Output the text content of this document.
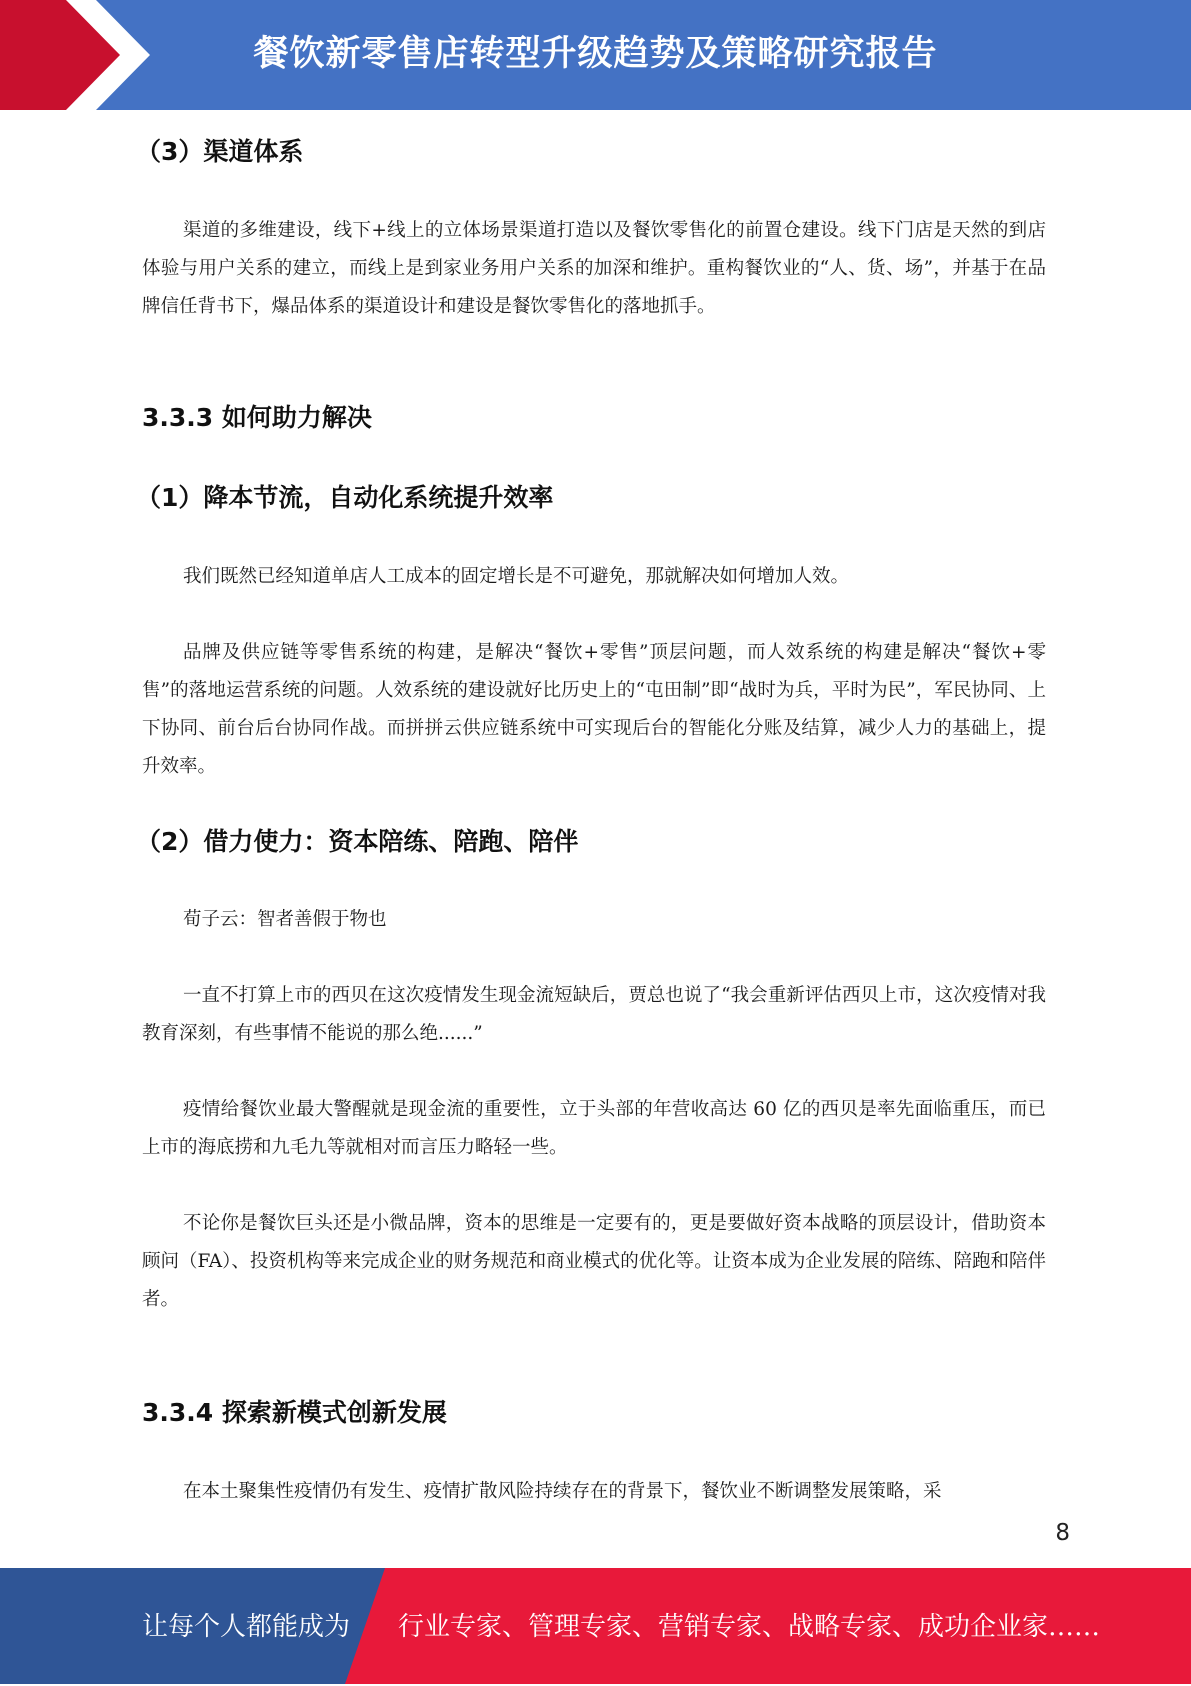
餐饮新零售店转型升级趋势及策略研究报告
（3）渠道体系
渠道的多维建设，线下+线上的立体场景渠道打造以及餐饮零售化的前置仓建设。线下门店是天然的到店体验与用户关系的建立，而线上是到家业务用户关系的加深和维护。重构餐饮业的“人、货、场”，并基于在品牌信任背书下，爆品体系的渠道设计和建设是餐饮零售化的落地抓手。
3.3.3 如何助力解决
（1）降本节流，自动化系统提升效率
我们既然已经知道单店人工成本的固定增长是不可避免，那就解决如何增加人效。
品牌及供应链等零售系统的构建，是解决“餐饮+零售”顶层问题，而人效系统的构建是解决“餐饮+零售”的落地运营系统的问题。人效系统的建设就好比历史上的“屯田制”即“战时为兵，平时为民”，军民协同、上下协同、前台后台协同作战。而拼拼云供应链系统中可实现后台的智能化分账及结算，减少人力的基础上，提升效率。
（2）借力使力：资本陪练、陪跑、陪伴
荀子云：智者善假于物也
一直不打算上市的西贝在这次疫情发生现金流短缺后，贾总也说了“我会重新评估西贝上市，这次疫情对我教育深刻，有些事情不能说的那么绝......”
疫情给餐饮业最大警醒就是现金流的重要性，立于头部的年营收高达 60 亿的西贝是率先面临重压，而已上市的海底捞和九毛九等就相对而言压力略轻一些。
不论你是餐饮巨头还是小微品牌，资本的思维是一定要有的，更是要做好资本战略的顶层设计，借助资本顾问（FA）、投资机构等来完成企业的财务规范和商业模式的优化等。让资本成为企业发展的陪练、陪跑和陪伴者。
3.3.4 探索新模式创新发展
在本土聚集性疫情仍有发生、疫情扩散风险持续存在的背景下，餐饮业不断调整发展策略，采
8
让每个人都能成为 行业专家、管理专家、营销专家、战略专家、成功企业家……
